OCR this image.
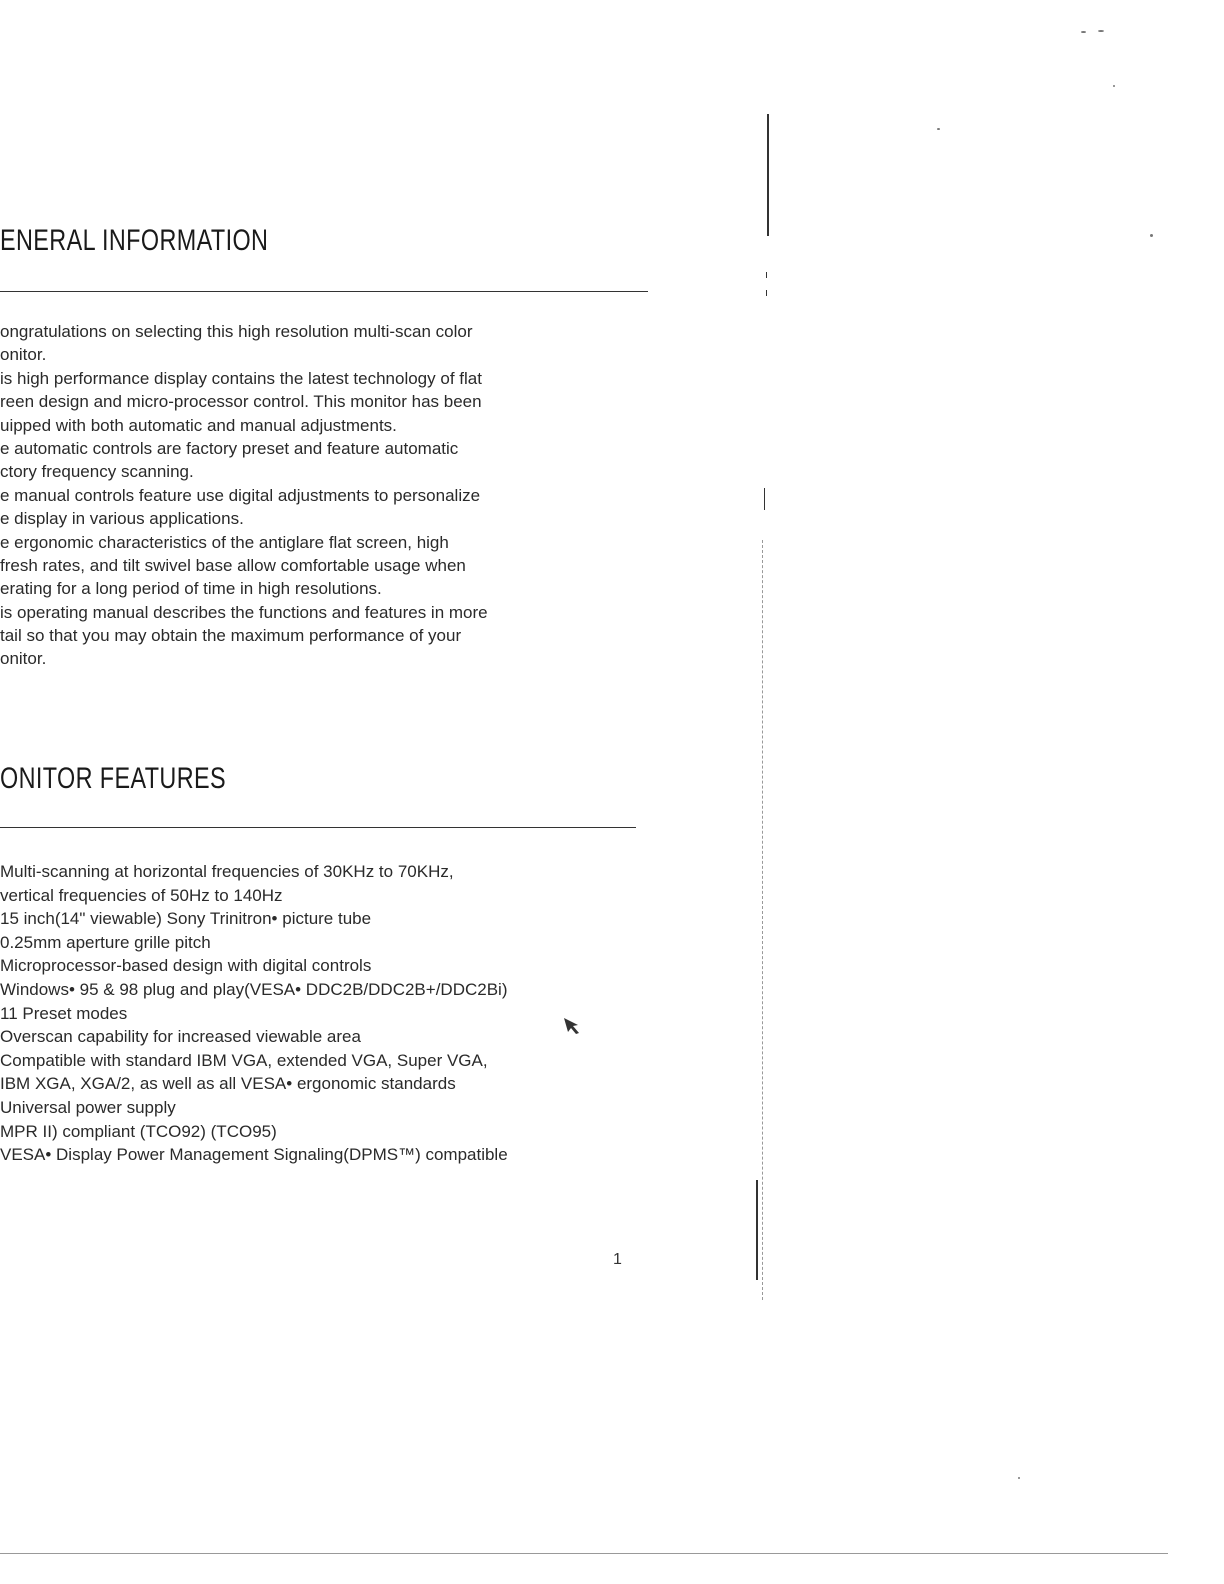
ENERAL INFORMATION
ongratulations on selecting this high resolution multi-scan color
onitor.
is high performance display contains the latest technology of flat
reen design and micro-processor control. This monitor has been
uipped with both automatic and manual adjustments.
e automatic controls are factory preset and feature automatic
ctory frequency scanning.
e manual controls feature use digital adjustments to personalize
e display in various applications.
e ergonomic characteristics of the antiglare flat screen, high
fresh rates, and tilt swivel base allow comfortable usage when
erating for a long period of time in high resolutions.
is operating manual describes the functions and features in more
tail so that you may obtain the maximum performance of your
onitor.
ONITOR FEATURES
Multi-scanning at horizontal frequencies of 30KHz to 70KHz,
vertical frequencies of 50Hz to 140Hz
15 inch(14" viewable) Sony Trinitron• picture tube
0.25mm aperture grille pitch
Microprocessor-based design with digital controls
Windows• 95 & 98 plug and play(VESA• DDC2B/DDC2B+/DDC2Bi)
11 Preset modes
Overscan capability for increased viewable area
Compatible with standard IBM VGA, extended VGA, Super VGA,
IBM XGA, XGA/2, as well as all VESA• ergonomic standards
Universal power supply
MPR II) compliant (TCO92) (TCO95)
VESA• Display Power Management Signaling(DPMS™) compatible
1
